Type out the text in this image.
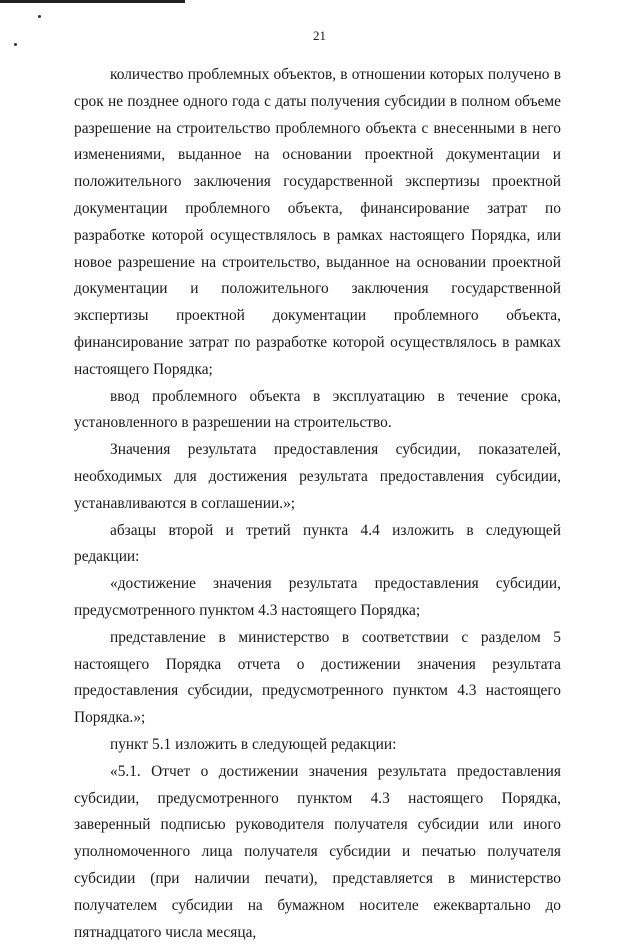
21

количество проблемных объектов, в отношении которых получено в срок не позднее одного года с даты получения субсидии в полном объеме разрешение на строительство проблемного объекта с внесенными в него изменениями, выданное на основании проектной документации и положительного заключения государственной экспертизы проектной документации проблемного объекта, финансирование затрат по разработке которой осуществлялось в рамках настоящего Порядка, или новое разрешение на строительство, выданное на основании проектной документации и положительного заключения государственной экспертизы проектной документации проблемного объекта, финансирование затрат по разработке которой осуществлялось в рамках настоящего Порядка;

ввод проблемного объекта в эксплуатацию в течение срока, установленного в разрешении на строительство.

Значения результата предоставления субсидии, показателей, необходимых для достижения результата предоставления субсидии, устанавливаются в соглашении.»;

абзацы второй и третий пункта 4.4 изложить в следующей редакции:

«достижение значения результата предоставления субсидии, предусмотренного пунктом 4.3 настоящего Порядка;

представление в министерство в соответствии с разделом 5 настоящего Порядка отчета о достижении значения результата предоставления субсидии, предусмотренного пунктом 4.3 настоящего Порядка.»;

пункт 5.1 изложить в следующей редакции:

«5.1. Отчет о достижении значения результата предоставления субсидии, предусмотренного пунктом 4.3 настоящего Порядка, заверенный подписью руководителя получателя субсидии или иного уполномоченного лица получателя субсидии и печатью получателя субсидии (при наличии печати), представляется в министерство получателем субсидии на бумажном носителе ежеквартально до пятнадцатого числа месяца,
